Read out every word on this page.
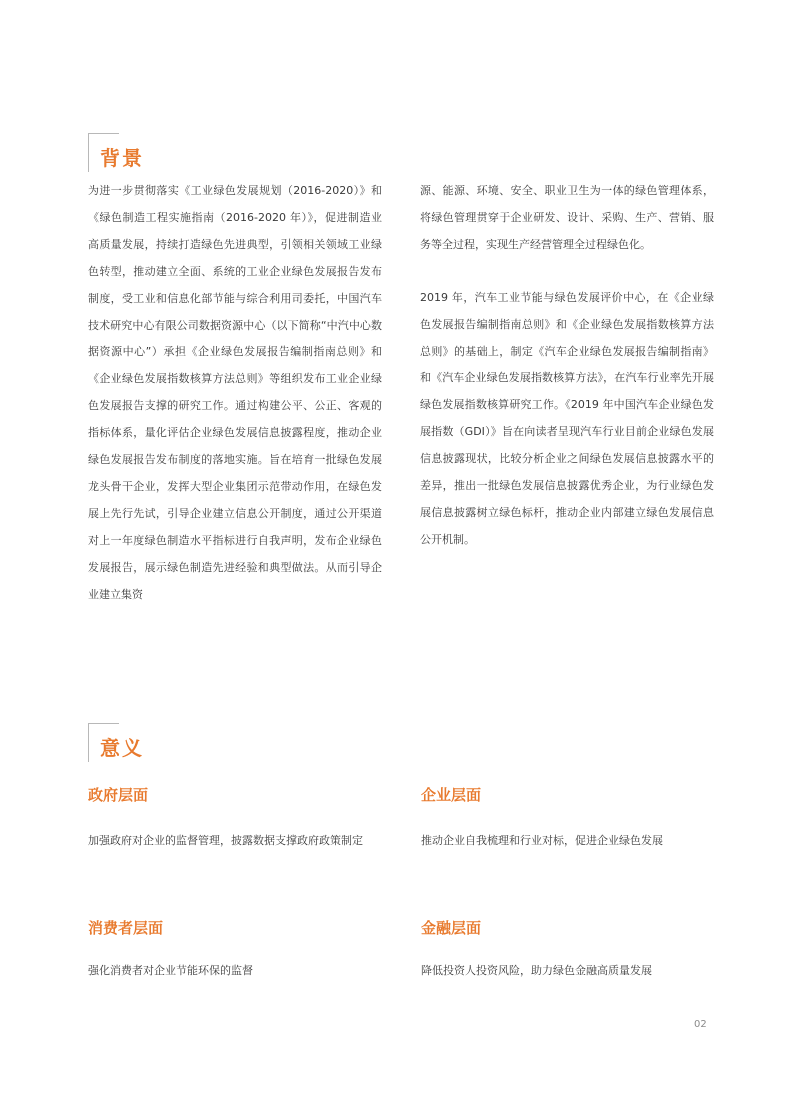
背景

为进一步贯彻落实《工业绿色发展规划（2016-2020）》和《绿色制造工程实施指南（2016-2020 年）》，促进制造业高质量发展，持续打造绿色先进典型，引领相关领域工业绿色转型，推动建立全面、系统的工业企业绿色发展报告发布制度，受工业和信息化部节能与综合利用司委托，中国汽车技术研究中心有限公司数据资源中心（以下简称“中汽中心数据资源中心”）承担《企业绿色发展报告编制指南总则》和《企业绿色发展指数核算方法总则》等组织发布工业企业绿色发展报告支撑的研究工作。通过构建公平、公正、客观的指标体系，量化评估企业绿色发展信息披露程度，推动企业绿色发展报告发布制度的落地实施。旨在培育一批绿色发展龙头骨干企业，发挥大型企业集团示范带动作用，在绿色发展上先行先试，引导企业建立信息公开制度，通过公开渠道对上一年度绿色制造水平指标进行自我声明，发布企业绿色发展报告，展示绿色制造先进经验和典型做法。从而引导企业建立集资

源、能源、环境、安全、职业卫生为一体的绿色管理体系，将绿色管理贯穿于企业研发、设计、采购、生产、营销、服务等全过程，实现生产经营管理全过程绿色化。

2019 年，汽车工业节能与绿色发展评价中心，在《企业绿色发展报告编制指南总则》和《企业绿色发展指数核算方法总则》的基础上，制定《汽车企业绿色发展报告编制指南》和《汽车企业绿色发展指数核算方法》，在汽车行业率先开展绿色发展指数核算研究工作。《2019 年中国汽车企业绿色发展指数（GDI）》旨在向读者呈现汽车行业目前企业绿色发展信息披露现状，比较分析企业之间绿色发展信息披露水平的差异，推出一批绿色发展信息披露优秀企业，为行业绿色发展信息披露树立绿色标杆，推动企业内部建立绿色发展信息公开机制。

意义
政府层面
加强政府对企业的监督管理，披露数据支撑政府政策制定
企业层面
推动企业自我梳理和行业对标，促进企业绿色发展
消费者层面
强化消费者对企业节能环保的监督
金融层面
降低投资人投资风险，助力绿色金融高质量发展
02
